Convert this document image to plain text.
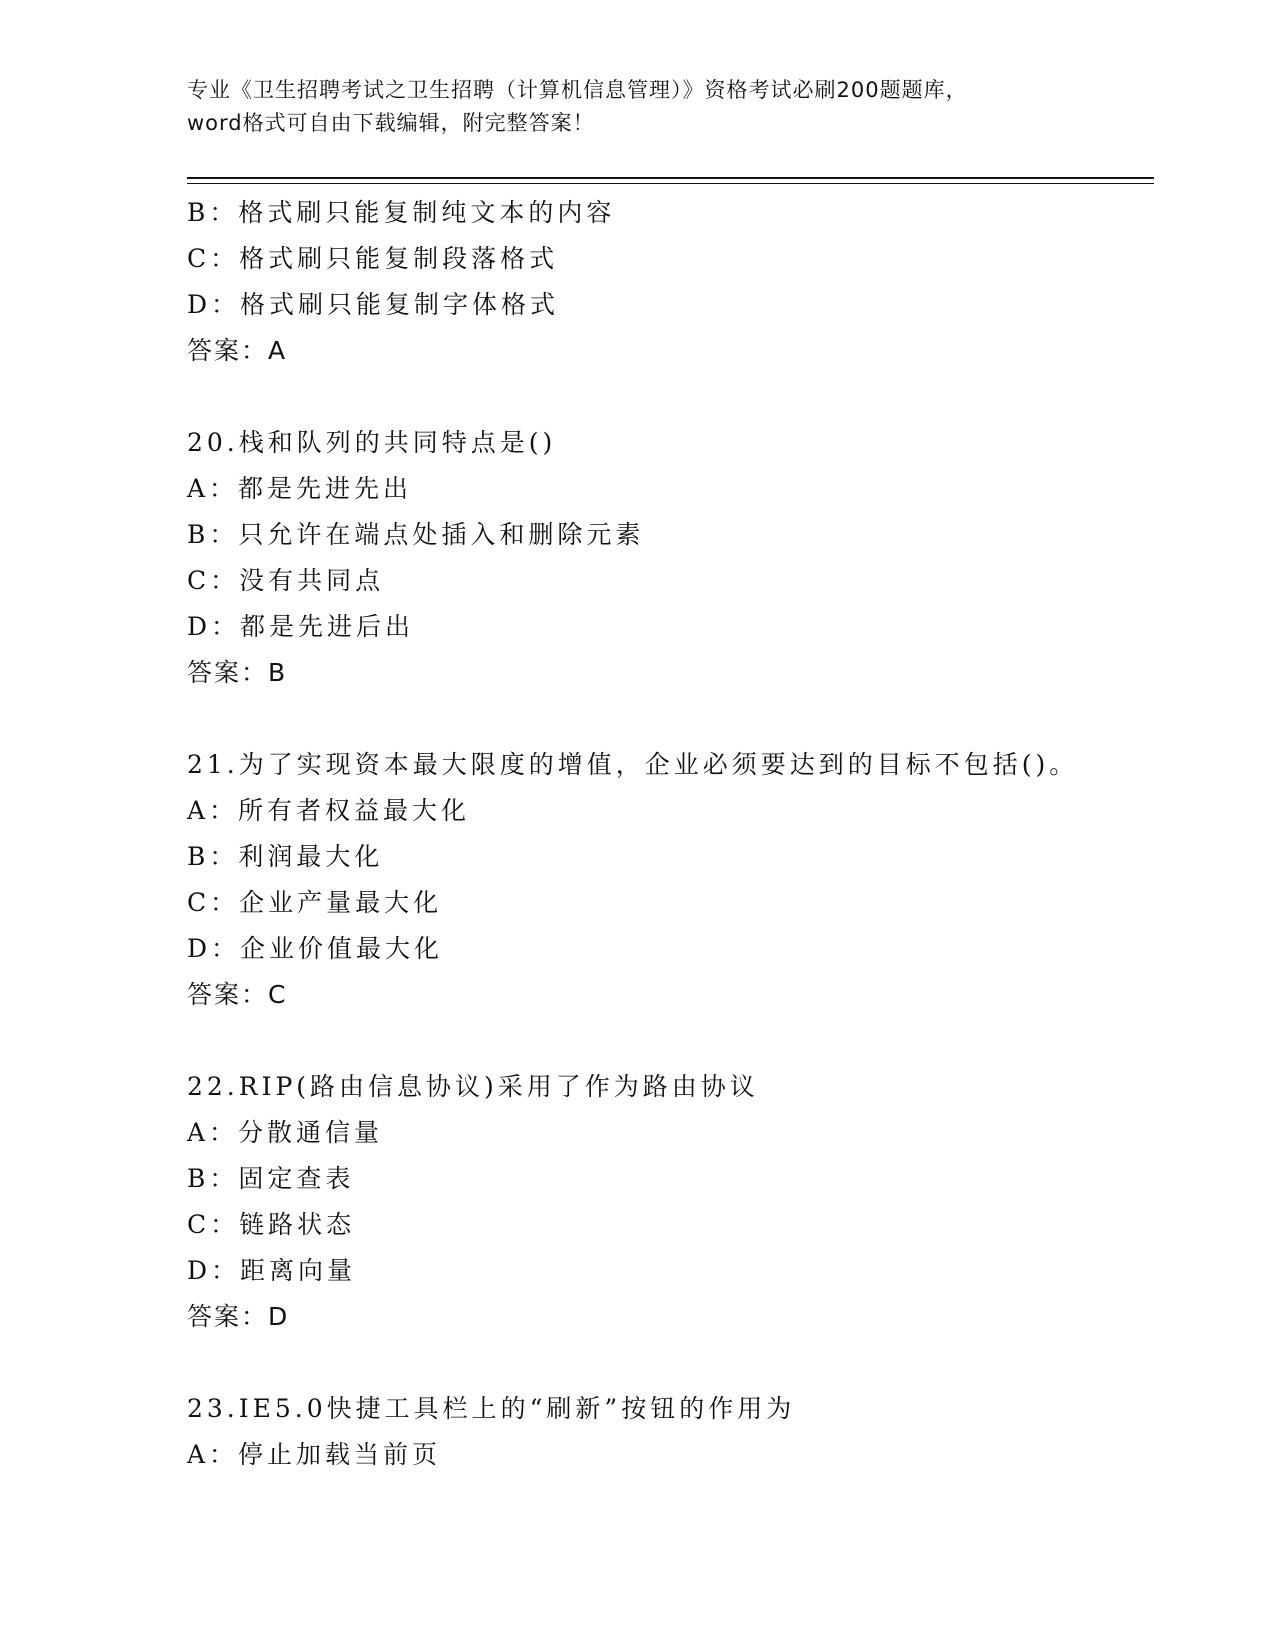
专业《卫生招聘考试之卫生招聘（计算机信息管理）》资格考试必刷200题题库，
word格式可自由下载编辑，附完整答案！
B：格式刷只能复制纯文本的内容
C：格式刷只能复制段落格式
D：格式刷只能复制字体格式
答案：A
20.栈和队列的共同特点是()
A：都是先进先出
B：只允许在端点处插入和删除元素
C：没有共同点
D：都是先进后出
答案：B
21.为了实现资本最大限度的增值，企业必须要达到的目标不包括()。
A：所有者权益最大化
B：利润最大化
C：企业产量最大化
D：企业价值最大化
答案：C
22.RIP(路由信息协议)采用了作为路由协议
A：分散通信量
B：固定查表
C：链路状态
D：距离向量
答案：D
23.IE5.0快捷工具栏上的“刷新”按钮的作用为
A：停止加载当前页
